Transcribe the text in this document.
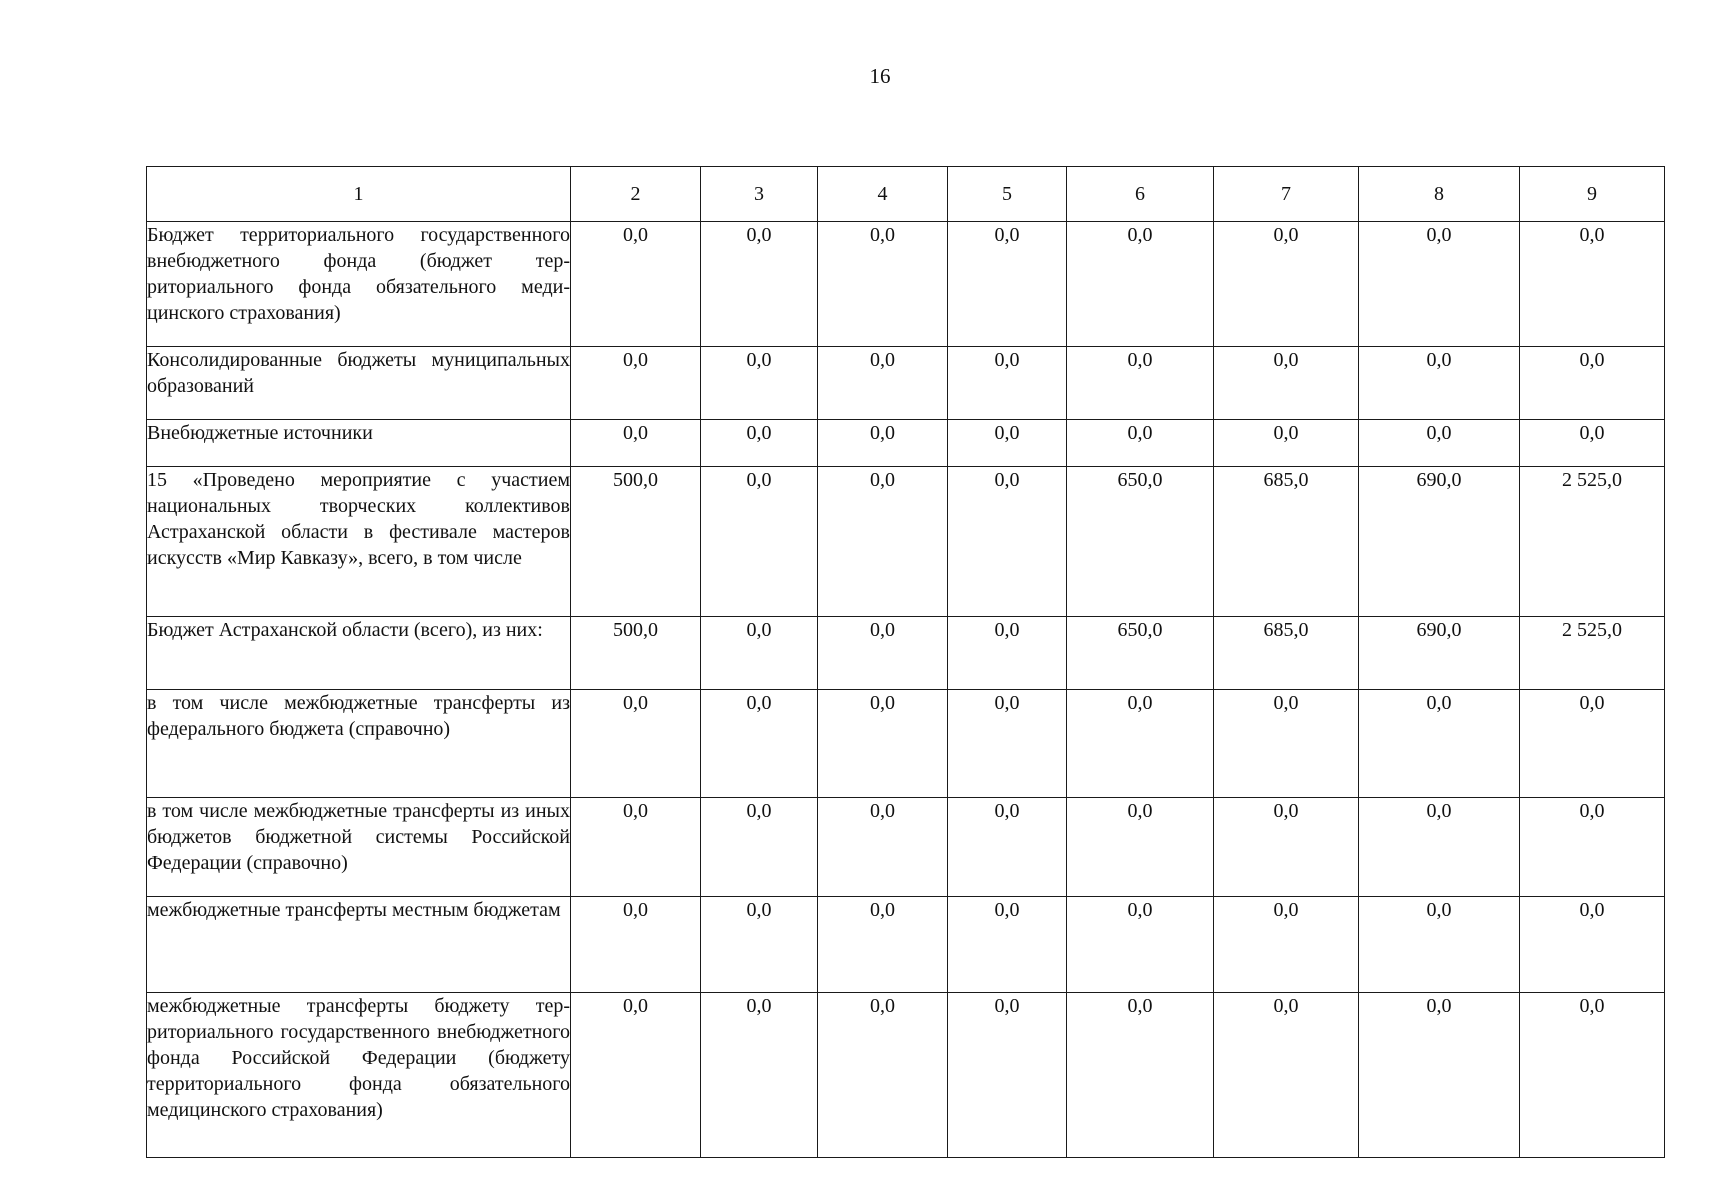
16
1	2	3	4	5	6	7	8	9
Бюджет территориального государственного внебюджетного фонда (бюджет территориального фонда обязательного медицинского страхования)	0,0	0,0	0,0	0,0	0,0	0,0	0,0	0,0
Консолидированные бюджеты муниципальных образований	0,0	0,0	0,0	0,0	0,0	0,0	0,0	0,0
Внебюджетные источники	0,0	0,0	0,0	0,0	0,0	0,0	0,0	0,0
15 «Проведено мероприятие с участием национальных творческих коллективов Астраханской области в фестивале мастеров искусств «Мир Кавказу», всего, в том числе	500,0	0,0	0,0	0,0	650,0	685,0	690,0	2 525,0
Бюджет Астраханской области (всего), из них:	500,0	0,0	0,0	0,0	650,0	685,0	690,0	2 525,0
в том числе межбюджетные трансферты из федерального бюджета (справочно)	0,0	0,0	0,0	0,0	0,0	0,0	0,0	0,0
в том числе межбюджетные трансферты из иных бюджетов бюджетной системы Российской Федерации (справочно)	0,0	0,0	0,0	0,0	0,0	0,0	0,0	0,0
межбюджетные трансферты местным бюджетам	0,0	0,0	0,0	0,0	0,0	0,0	0,0	0,0
межбюджетные трансферты бюджету территориального государственного внебюджетного фонда Российской Федерации (бюджету территориального фонда обязательного медицинского страхования)	0,0	0,0	0,0	0,0	0,0	0,0	0,0	0,0
